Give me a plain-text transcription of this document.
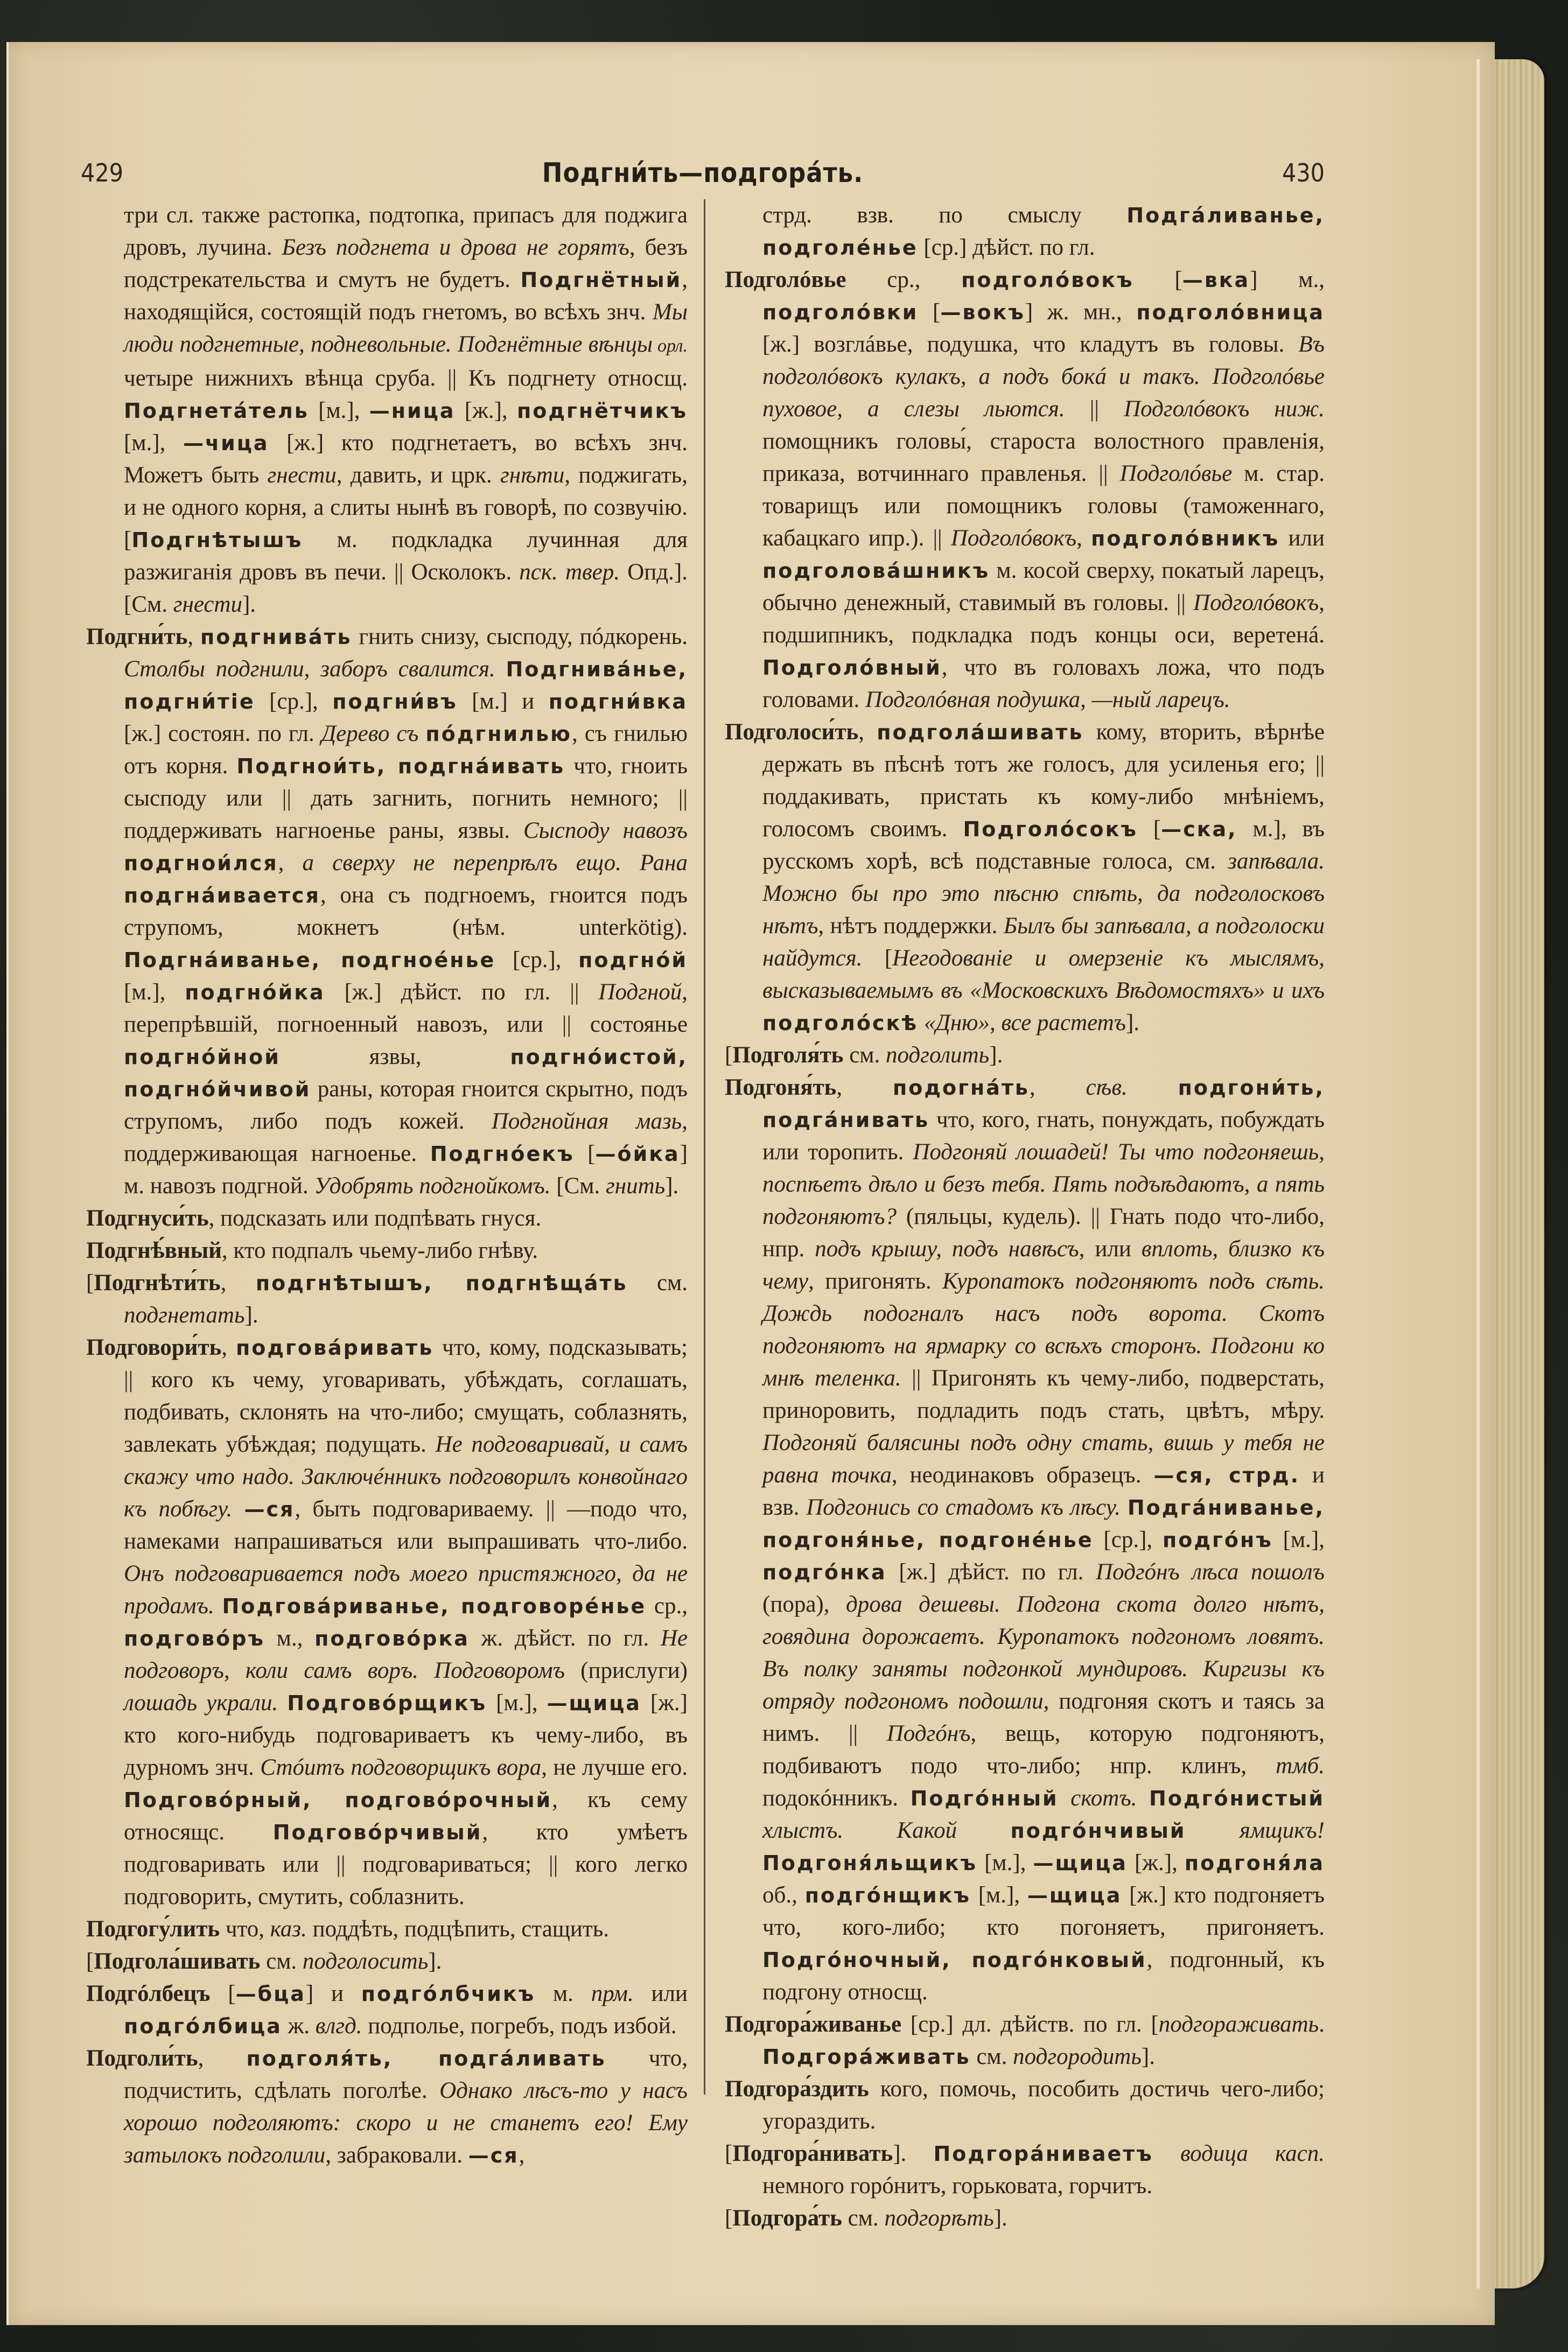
429	Подгни́ть—подгора́ть.	430
три сл. также растопка, подтопка, припасъ для поджига дровъ, лучина. Безъ подгнета и дрова не горятъ, безъ подстрекательства и смутъ не будетъ. Подгнётный, находящійся, состоящій подъ гнетомъ, во всѣхъ знч. Мы люди подгнетные, подневольные. Подгнётные вѣнцы орл. четыре нижнихъ вѣнца сруба. || Къ подгнету относщ. Подгнета́тель [м.], —ница [ж.], подгнётчикъ [м.], —чица [ж.] кто подгнетаетъ, во всѣхъ знч. Можетъ быть гнести, давить, и црк. гнѣти, поджигать, и не одного корня, а слиты нынѣ въ говорѣ, по созвучію. [Подгнѣтышъ м. подкладка лучинная для разжиганія дровъ въ печи. || Осколокъ. пск. твер. Опд.]. [См. гнести].
Подгни́ть, подгнива́ть гнить снизу, сысподу, пóдкорень. Столбы подгнили, заборъ свалится. Подгнива́нье, подгни́тіе [ср.], подгни́въ [м.] и подгни́вка [ж.] состоян. по гл. Дерево съ пóдгнилью, съ гнилью отъ корня. Подгнои́ть, подгна́ивать что, гноить сысподу или || дать загнить, погнить немного; || поддерживать нагноенье раны, язвы. Сысподу навозъ подгнои́лся, а сверху не перепрѣлъ ещо. Рана подгна́ивается, она съ подгноемъ, гноится подъ струпомъ, мокнетъ (нѣм. unterkötig). Подгна́иванье, подгноéнье [ср.], подгнóй [м.], подгнóйка [ж.] дѣйст. по гл. || Подгной, перепрѣвшій, погноенный навозъ, или || состоянье подгнóйной язвы, подгнóистой, подгнóйчивой раны, которая гноится скрытно, подъ струпомъ, либо подъ кожей. Подгнойная мазь, поддерживающая нагноенье. Подгнóекъ [—óйка] м. навозъ подгной. Удобрять подгнойкомъ. [См. гнить].
Подгнуси́ть, подсказать или подпѣвать гнуся.
Подгнѣ́вный, кто подпалъ чьему-либо гнѣву.
[Подгнѣти́ть, подгнѣтышъ, подгнѣща́ть см. подгнетать].
Подговори́ть, подгова́ривать что, кому, подсказывать; || кого къ чему, уговаривать, убѣждать, соглашать, подбивать, склонять на что-либо; смущать, соблазнять, завлекать убѣждая; подущать. Не подговаривай, и самъ скажу что надо. Заключéнникъ подговорилъ конвойнаго къ побѣгу. —ся, быть подговариваему. || —подо что, намеками напрашиваться или выпрашивать что-либо. Онъ подговаривается подъ моего пристяжного, да не продамъ. Подгова́риванье, подговорéнье ср., подговóръ м., подговóрка ж. дѣйст. по гл. Не подговоръ, коли самъ воръ. Подговоромъ (прислуги) лошадь украли. Подговóрщикъ [м.], —щица [ж.] кто кого-нибудь подговариваетъ къ чему-либо, въ дурномъ знч. Стóитъ подговорщикъ вора, не лучше его. Подговóрный, подговóрочный, къ сему относящс. Подговóрчивый, кто умѣетъ подговаривать или || подговариваться; || кого легко подговорить, смутить, соблазнить.
Подгогу́лить что, каз. поддѣть, подцѣпить, стащить.
[Подгола́шивать см. подголосить].
Подгóлбецъ [—бца] и подгóлбчикъ м. прм. или подгóлбица ж. влгд. подполье, погребъ, подъ избой.
Подголи́ть, подголя́ть, подга́ливать что, подчистить, сдѣлать поголѣе. Однако лѣсъ-то у насъ хорошо подголяютъ: скоро и не станетъ его! Ему затылокъ подголили, забраковали. —ся,
стрд. взв. по смыслу Подга́ливанье, подголéнье [ср.] дѣйст. по гл.
Подголóвье ср., подголóвокъ [—вка] м., подголóвки [—вокъ] ж. мн., подголóвница [ж.] возглáвье, подушка, что кладутъ въ головы. Въ подголóвокъ кулакъ, а подъ бокá и такъ. Подголóвье пуховое, а слезы льются. || Подголóвокъ ниж. помощникъ головы́, староста волостного правленія, приказа, вотчиннаго правленья. || Подголóвье м. стар. товарищъ или помощникъ головы (таможеннаго, кабацкаго ипр.). || Подголóвокъ, подголóвникъ или подголова́шникъ м. косой сверху, покатый ларецъ, обычно денежный, ставимый въ головы. || Подголóвокъ, подшипникъ, подкладка подъ концы оси, веретенá. Подголóвный, что въ головахъ ложа, что подъ головами. Подголóвная подушка, —ный ларецъ.
Подголоси́ть, подгола́шивать кому, вторить, вѣрнѣе держать въ пѣснѣ тотъ же голосъ, для усиленья его; || поддакивать, пристать къ кому-либо мнѣніемъ, голосомъ своимъ. Подголóсокъ [—ска, м.], въ русскомъ хорѣ, всѣ подставные голоса, см. запѣвала. Можно бы про это пѣсню спѣть, да подголосковъ нѣтъ, нѣтъ поддержки. Былъ бы запѣвала, а подголоски найдутся. [Негодованіе и омерзеніе къ мыслямъ, высказываемымъ въ «Московскихъ Вѣдомостяхъ» и ихъ подголóскѣ «Дню», все растетъ].
[Подголя́ть см. подголить].
Подгоня́ть, подогна́ть, сѣв. подгони́ть, подга́нивать что, кого, гнать, понуждать, побуждать или торопить. Подгоняй лошадей! Ты что подгоняешь, поспѣетъ дѣло и безъ тебя. Пять подъѣдаютъ, а пять подгоняютъ? (пяльцы, кудель). || Гнать подо что-либо, нпр. подъ крышу, подъ навѣсъ, или вплоть, близко къ чему, пригонять. Куропатокъ подгоняютъ подъ сѣть. Дождь подогналъ насъ подъ ворота. Скотъ подгоняютъ на ярмарку со всѣхъ сторонъ. Подгони ко мнѣ теленка. || Пригонять къ чему-либо, подверстать, приноровить, подладить подъ стать, цвѣтъ, мѣру. Подгоняй балясины подъ одну стать, вишь у тебя не равна точка, неодинаковъ образецъ. —ся, стрд. и взв. Подгонись со стадомъ къ лѣсу. Подга́ниванье, подгоня́нье, подгонéнье [ср.], подгóнъ [м.], подгóнка [ж.] дѣйст. по гл. Подгóнъ лѣса пошолъ (пора), дрова дешевы. Подгона скота долго нѣтъ, говядина дорожаетъ. Куропатокъ подгономъ ловятъ. Въ полку заняты подгонкой мундировъ. Киргизы къ отряду подгономъ подошли, подгоняя скотъ и таясь за нимъ. || Подгóнъ, вещь, которую подгоняютъ, подбиваютъ подо что-либо; нпр. клинъ, тмб. подокóнникъ. Подгóнный скотъ. Подгóнистый хлыстъ. Какой	подгóнчивый ямщикъ! Подгоня́льщикъ [м.], —щица [ж.], подгоня́ла об., подгóнщикъ [м.], —щица [ж.] кто подгоняетъ что, кого-либо; кто погоняетъ, пригоняетъ. Подгóночный, подгóнковый, подгонный, къ подгону относщ.
Подгора́живанье [ср.] дл. дѣйств. по гл. [подгораживать. Подгора́живать см. подгородить].
Подгора́здить кого, помочь, пособить достичь чего-либо; угораздить.
[Подгора́нивать]. Подгора́ниваетъ водица касп. немного горóнитъ, горьковата, горчитъ.
[Подгора́ть см. подгорѣть].
